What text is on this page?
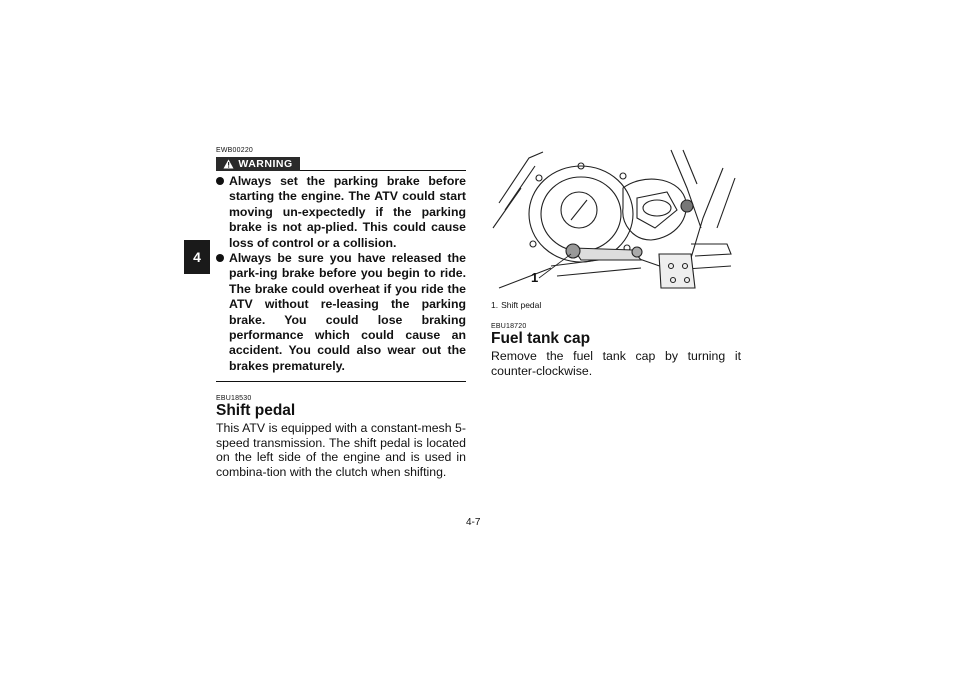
4

EWB00220

WARNING
Always set the parking brake before starting the engine. The ATV could start moving un-expectedly if the parking brake is not ap-plied. This could cause loss of control or a collision.
Always be sure you have released the park-ing brake before you begin to ride. The brake could overheat if you ride the ATV without re-leasing the parking brake. You could lose braking performance which could cause an accident. You could also wear out the brakes prematurely.

EBU18530

Shift pedal

This ATV is equipped with a constant-mesh 5-speed transmission. The shift pedal is located on the left side of the engine and is used in combina-tion with the clutch when shifting.

1

1. Shift pedal

EBU18720

Fuel tank cap

Remove the fuel tank cap by turning it counter-clockwise.

4-7
